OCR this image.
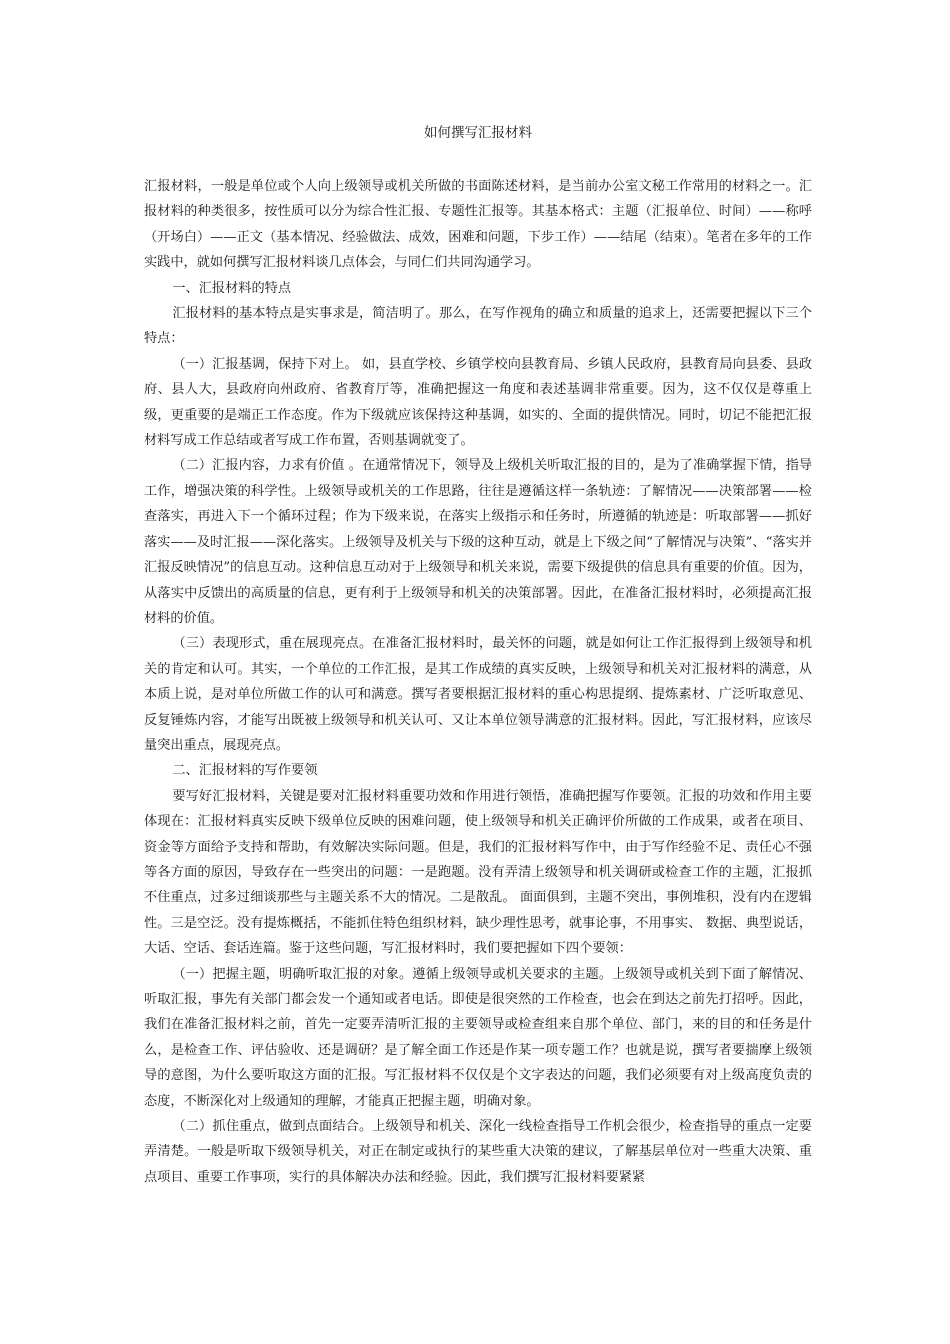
如何撰写汇报材料

汇报材料，一般是单位或个人向上级领导或机关所做的书面陈述材料，是当前办公室文秘工作常用的材料之一。汇报材料的种类很多，按性质可以分为综合性汇报、专题性汇报等。其基本格式：主题（汇报单位、时间）——称呼（开场白）——正文（基本情况、经验做法、成效，困难和问题，下步工作）——结尾（结束）。笔者在多年的工作实践中，就如何撰写汇报材料谈几点体会，与同仁们共同沟通学习。

一、汇报材料的特点

汇报材料的基本特点是实事求是，简洁明了。那么，在写作视角的确立和质量的追求上，还需要把握以下三个特点：

（一）汇报基调，保持下对上。 如，县直学校、乡镇学校向县教育局、乡镇人民政府，县教育局向县委、县政府、县人大，县政府向州政府、省教育厅等，准确把握这一角度和表述基调非常重要。因为，这不仅仅是尊重上级，更重要的是端正工作态度。作为下级就应该保持这种基调，如实的、全面的提供情况。同时，切记不能把汇报材料写成工作总结或者写成工作布置，否则基调就变了。

（二）汇报内容，力求有价值 。在通常情况下，领导及上级机关听取汇报的目的，是为了准确掌握下情，指导工作，增强决策的科学性。上级领导或机关的工作思路，往往是遵循这样一条轨迹：了解情况——决策部署——检查落实，再进入下一个循环过程；作为下级来说，在落实上级指示和任务时，所遵循的轨迹是：听取部署——抓好落实——及时汇报——深化落实。上级领导及机关与下级的这种互动，就是上下级之间“了解情况与决策”、“落实并汇报反映情况”的信息互动。这种信息互动对于上级领导和机关来说，需要下级提供的信息具有重要的价值。因为，从落实中反馈出的高质量的信息，更有利于上级领导和机关的决策部署。因此，在准备汇报材料时，必须提高汇报材料的价值。

（三）表现形式，重在展现亮点。在准备汇报材料时，最关怀的问题，就是如何让工作汇报得到上级领导和机关的肯定和认可。其实，一个单位的工作汇报，是其工作成绩的真实反映，上级领导和机关对汇报材料的满意，从本质上说，是对单位所做工作的认可和满意。撰写者要根据汇报材料的重心构思提纲、提炼素材、广泛听取意见、反复锤炼内容，才能写出既被上级领导和机关认可、又让本单位领导满意的汇报材料。因此，写汇报材料，应该尽量突出重点，展现亮点。

二、汇报材料的写作要领

要写好汇报材料，关键是要对汇报材料重要功效和作用进行领悟，准确把握写作要领。汇报的功效和作用主要体现在：汇报材料真实反映下级单位反映的困难问题，使上级领导和机关正确评价所做的工作成果，或者在项目、资金等方面给予支持和帮助，有效解决实际问题。但是，我们的汇报材料写作中，由于写作经验不足、责任心不强等各方面的原因，导致存在一些突出的问题：一是跑题。没有弄清上级领导和机关调研或检查工作的主题，汇报抓不住重点，过多过细谈那些与主题关系不大的情况。二是散乱。 面面俱到，主题不突出，事例堆积，没有内在逻辑性。三是空泛。没有提炼概括，不能抓住特色组织材料，缺少理性思考，就事论事，不用事实、 数据、典型说话，大话、空话、套话连篇。鉴于这些问题，写汇报材料时，我们要把握如下四个要领：

（一）把握主题，明确听取汇报的对象。遵循上级领导或机关要求的主题。上级领导或机关到下面了解情况、听取汇报，事先有关部门都会发一个通知或者电话。即使是很突然的工作检查，也会在到达之前先打招呼。因此，我们在准备汇报材料之前，首先一定要弄清听汇报的主要领导或检查组来自那个单位、部门，来的目的和任务是什么，是检查工作、评估验收、还是调研？是了解全面工作还是作某一项专题工作？也就是说，撰写者要揣摩上级领导的意图，为什么要听取这方面的汇报。写汇报材料不仅仅是个文字表达的问题，我们必须要有对上级高度负责的态度，不断深化对上级通知的理解，才能真正把握主题，明确对象。

（二）抓住重点，做到点面结合。上级领导和机关、深化一线检查指导工作机会很少，检查指导的重点一定要弄清楚。一般是听取下级领导机关，对正在制定或执行的某些重大决策的建议，了解基层单位对一些重大决策、重点项目、重要工作事项，实行的具体解决办法和经验。因此，我们撰写汇报材料要紧紧
